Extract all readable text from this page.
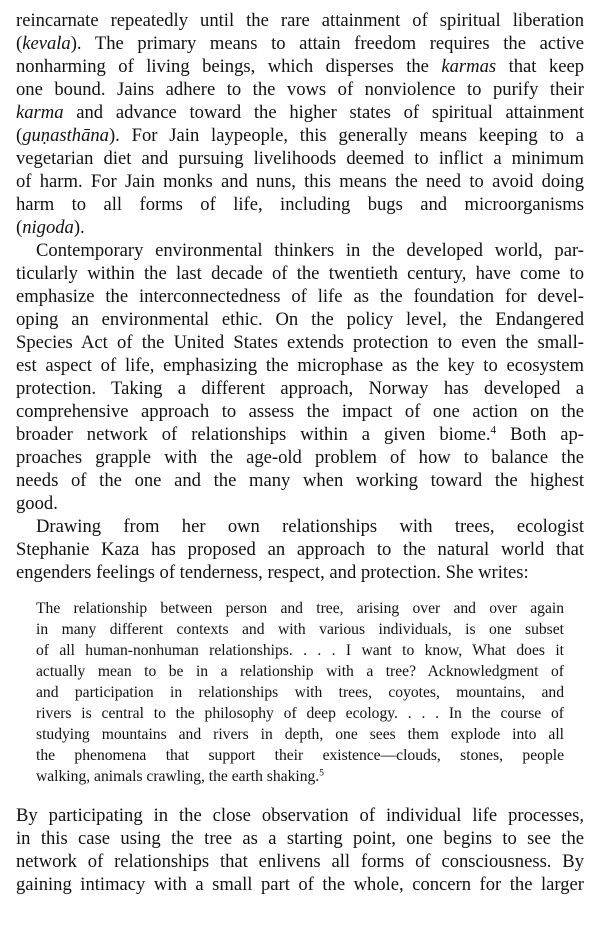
reincarnate repeatedly until the rare attainment of spiritual liberation
(kevala). The primary means to attain freedom requires the active
nonharming of living beings, which disperses the karmas that keep
one bound. Jains adhere to the vows of nonviolence to purify their
karma and advance toward the higher states of spiritual attainment
(guṇasthāna). For Jain laypeople, this generally means keeping to a
vegetarian diet and pursuing livelihoods deemed to inflict a minimum
of harm. For Jain monks and nuns, this means the need to avoid doing
harm to all forms of life, including bugs and microorganisms
(nigoda).
Contemporary environmental thinkers in the developed world, par-
ticularly within the last decade of the twentieth century, have come to
emphasize the interconnectedness of life as the foundation for devel-
oping an environmental ethic. On the policy level, the Endangered
Species Act of the United States extends protection to even the small-
est aspect of life, emphasizing the microphase as the key to ecosystem
protection. Taking a different approach, Norway has developed a
comprehensive approach to assess the impact of one action on the
broader network of relationships within a given biome.$^4$ Both ap-
proaches grapple with the age-old problem of how to balance the
needs of the one and the many when working toward the highest
good.
Drawing from her own relationships with trees, ecologist
Stephanie Kaza has proposed an approach to the natural world that
engenders feelings of tenderness, respect, and protection. She writes:
The relationship between person and tree, arising over and over again
in many different contexts and with various individuals, is one subset
of all human-nonhuman relationships. . . . I want to know, What does it
actually mean to be in a relationship with a tree? Acknowledgment of
and participation in relationships with trees, coyotes, mountains, and
rivers is central to the philosophy of deep ecology. . . . In the course of
studying mountains and rivers in depth, one sees them explode into all
the phenomena that support their existence—clouds, stones, people
walking, animals crawling, the earth shaking.$^5$
By participating in the close observation of individual life processes,
in this case using the tree as a starting point, one begins to see the
network of relationships that enlivens all forms of consciousness. By
gaining intimacy with a small part of the whole, concern for the larger
